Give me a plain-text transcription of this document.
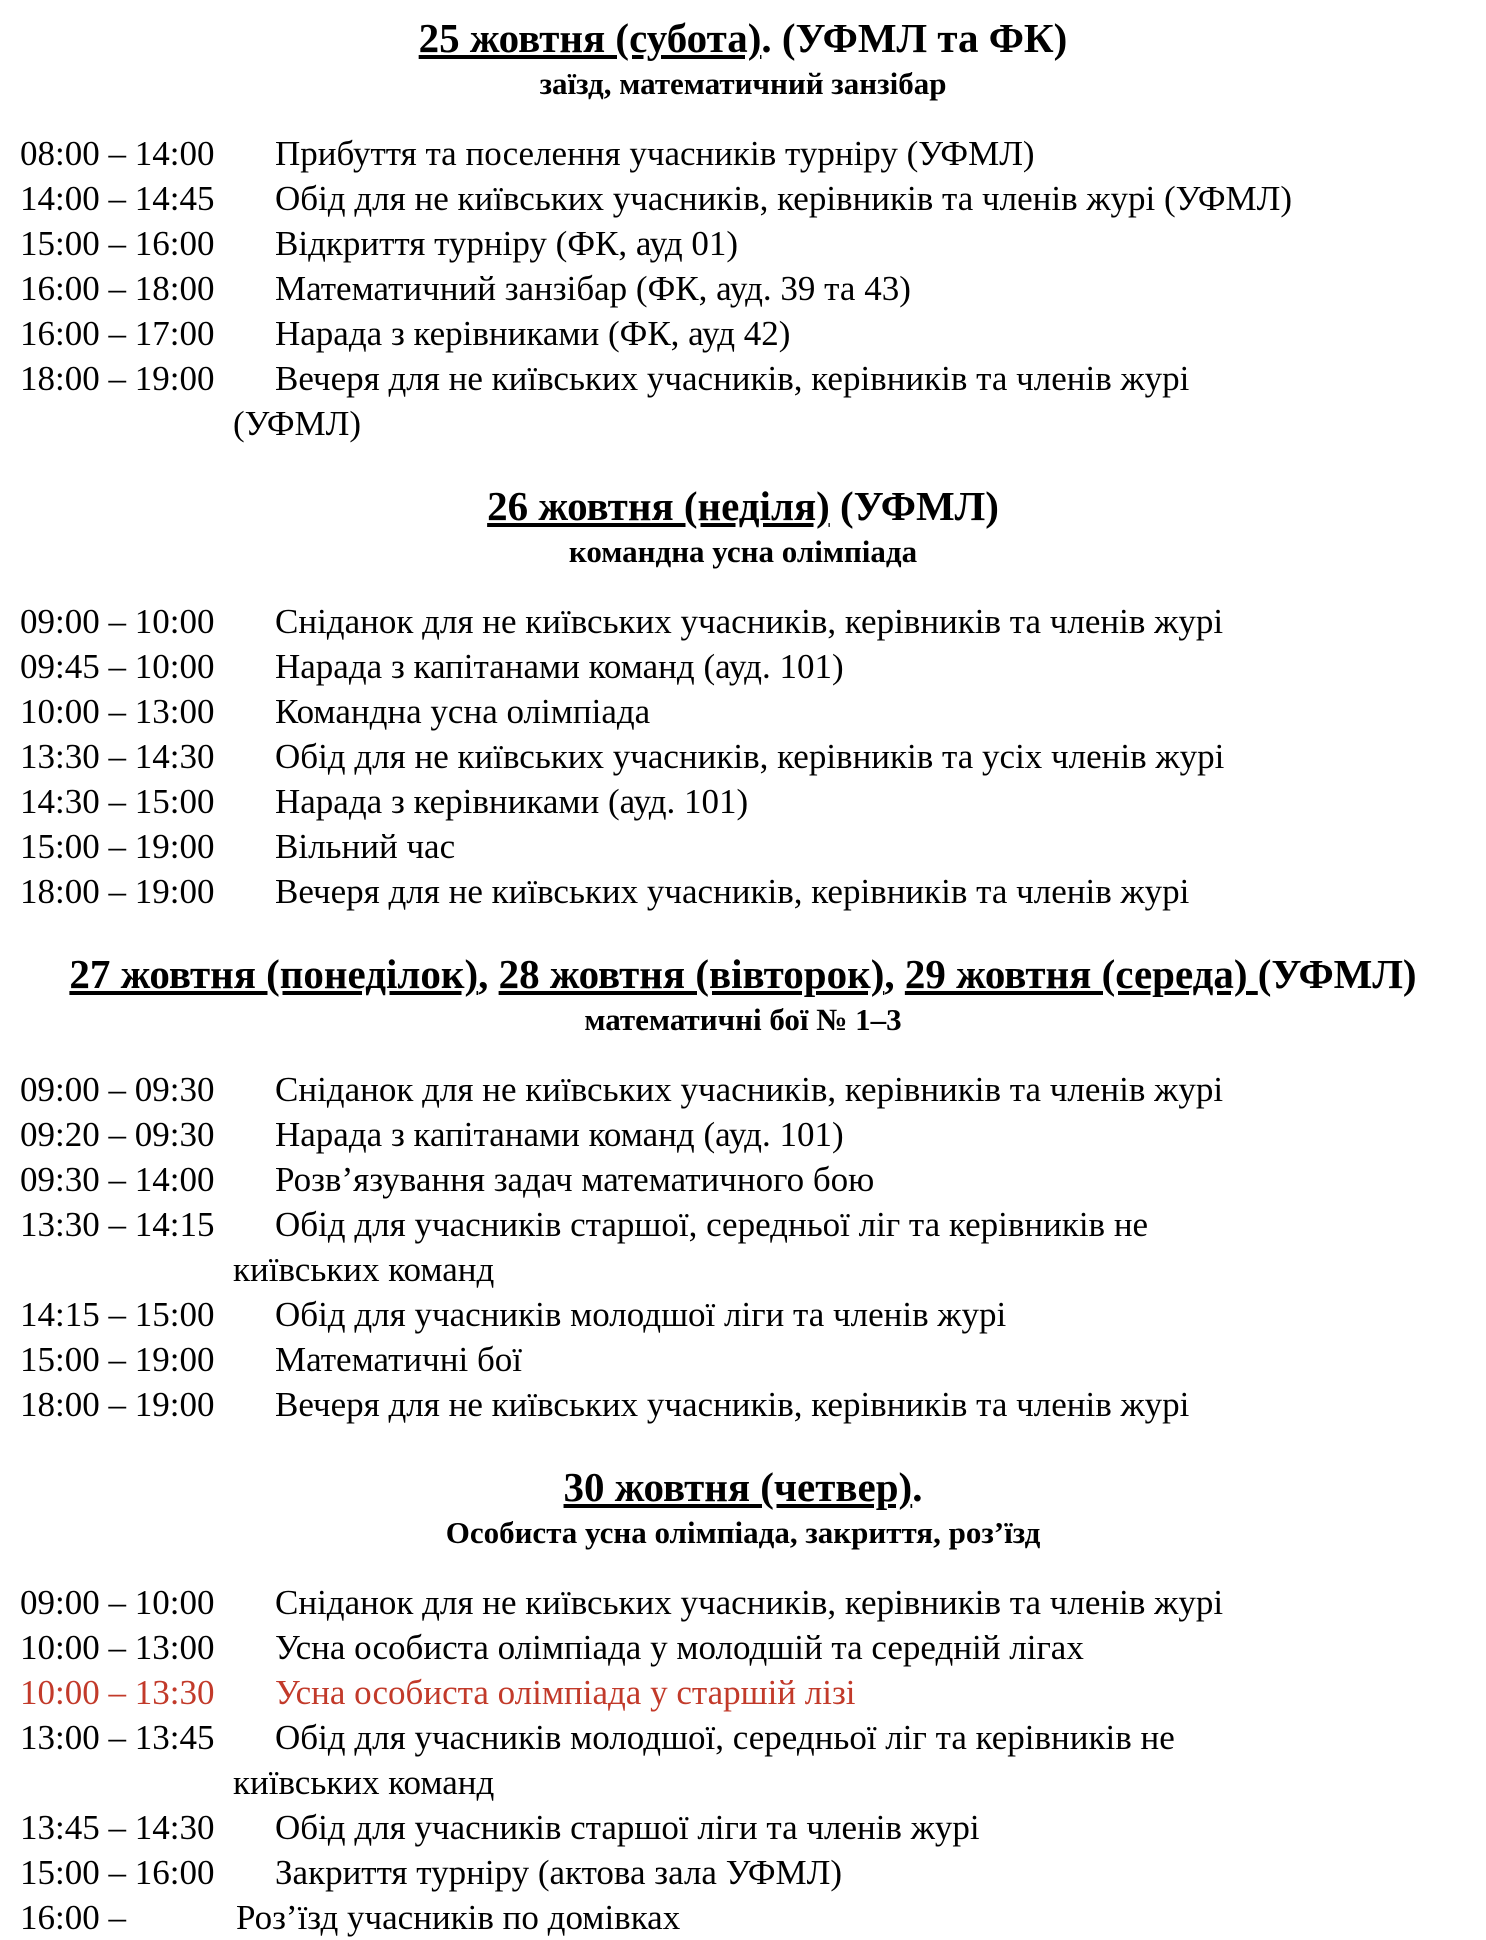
25 жовтня (субота). (УФМЛ та ФК)
заїзд, математичний занзібар
08:00 – 14:00 Прибуття та поселення учасників турніру (УФМЛ)
14:00 – 14:45 Обід для не київських учасників, керівників та членів журі (УФМЛ)
15:00 – 16:00 Відкриття турніру (ФК, ауд 01)
16:00 – 18:00 Математичний занзібар (ФК, ауд. 39 та 43)
16:00 – 17:00 Нарада з керівниками (ФК, ауд 42)
18:00 – 19:00 Вечеря для не київських учасників, керівників та членів журі
(УФМЛ)
26 жовтня (неділя) (УФМЛ)
командна усна олімпіада
09:00 – 10:00 Сніданок для не київських учасників, керівників та членів журі
09:45 – 10:00 Нарада з капітанами команд (ауд. 101)
10:00 – 13:00 Командна усна олімпіада
13:30 – 14:30 Обід для не київських учасників, керівників та усіх членів журі
14:30 – 15:00 Нарада з керівниками (ауд. 101)
15:00 – 19:00 Вільний час
18:00 – 19:00 Вечеря для не київських учасників, керівників та членів журі
27 жовтня (понеділок), 28 жовтня (вівторок), 29 жовтня (середа) (УФМЛ)
математичні бої № 1–3
09:00 – 09:30 Сніданок для не київських учасників, керівників та членів журі
09:20 – 09:30 Нарада з капітанами команд (ауд. 101)
09:30 – 14:00 Розв’язування задач математичного бою
13:30 – 14:15 Обід для учасників старшої, середньої ліг та керівників не
київських команд
14:15 – 15:00 Обід для учасників молодшої ліги та членів журі
15:00 – 19:00 Математичні бої
18:00 – 19:00 Вечеря для не київських учасників, керівників та членів журі
30 жовтня (четвер).
Особиста усна олімпіада, закриття, роз’їзд
09:00 – 10:00 Сніданок для не київських учасників, керівників та членів журі
10:00 – 13:00 Усна особиста олімпіада у молодшій та середній лігах
10:00 – 13:30 Усна особиста олімпіада у старшій лізі
13:00 – 13:45 Обід для учасників молодшої, середньої ліг та керівників не
київських команд
13:45 – 14:30 Обід для учасників старшої ліги та членів журі
15:00 – 16:00 Закриття турніру (актова зала УФМЛ)
16:00 –	Роз’їзд учасників по домівках
